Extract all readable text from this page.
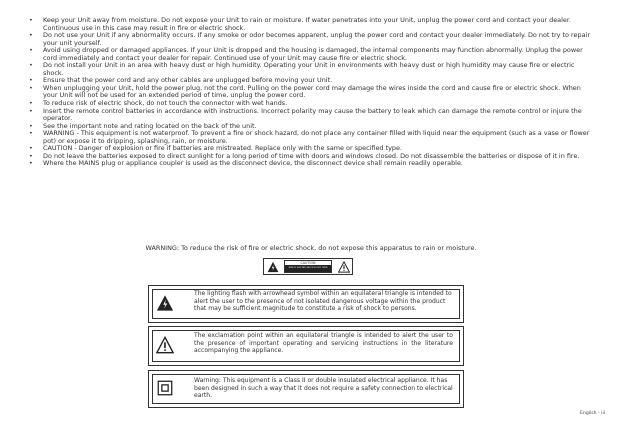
• Keep your Unit away from moisture. Do not expose your Unit to rain or moisture. If water penetrates into your Unit, unplug the power cord and contact your dealer. Continuous use in this case may result in fire or electric shock.
• Do not use your Unit if any abnormality occurs. If any smoke or odor becomes apparent, unplug the power cord and contact your dealer immediately. Do not try to repair your unit yourself.
• Avoid using dropped or damaged appliances. If your Unit is dropped and the housing is damaged, the internal components may function abnormally. Unplug the power cord immediately and contact your dealer for repair. Continued use of your Unit may cause fire or electric shock.
• Do not install your Unit in an area with heavy dust or high humidity. Operating your Unit in environments with heavy dust or high humidity may cause fire or electric shock.
• Ensure that the power cord and any other cables are unplugged before moving your Unit.
• When unplugging your Unit, hold the power plug, not the cord. Pulling on the power cord may damage the wires inside the cord and cause fire or electric shock. When your Unit will not be used for an extended period of time, unplug the power cord.
• To reduce risk of electric shock, do not touch the connector with wet hands.
• Insert the remote control batteries in accordance with instructions. Incorrect polarity may cause the battery to leak which can damage the remote control or injure the operator.
• See the important note and rating located on the back of the unit.
• WARNING - This equipment is not waterproof. To prevent a fire or shock hazard, do not place any container filled with liquid near the equipment (such as a vase or flower pot) or expose it to dripping, splashing, rain, or moisture.
• CAUTION - Danger of explosion or fire if batteries are mistreated. Replace only with the same or specified type.
• Do not leave the batteries exposed to direct sunlight for a long period of time with doors and windows closed. Do not disassemble the batteries or dispose of it in fire.
• Where the MAINS plug or appliance coupler is used as the disconnect device, the disconnect device shall remain readily operable.
WARNING: To reduce the risk of fire or electric shock, do not expose this apparatus to rain or moisture.
CAUTION
RISK OF ELECTRIC SHOCK DO NOT OPEN
The lighting flash with arrowhead symbol within an equilateral triangle is intended to alert the user to the presence of not isolated dangerous voltage within the product that may be sufficient magnitude to constitute a risk of shock to persons.
The exclamation point within an equilateral triangle is intended to alert the user to the presence of important operating and servicing instructions in the literature accompanying the appliance.
Warning: This equipment is a Class II or double insulated electrical appliance. It has been designed in such a way that it does not require a safety connection to electrical earth.
English - iii
